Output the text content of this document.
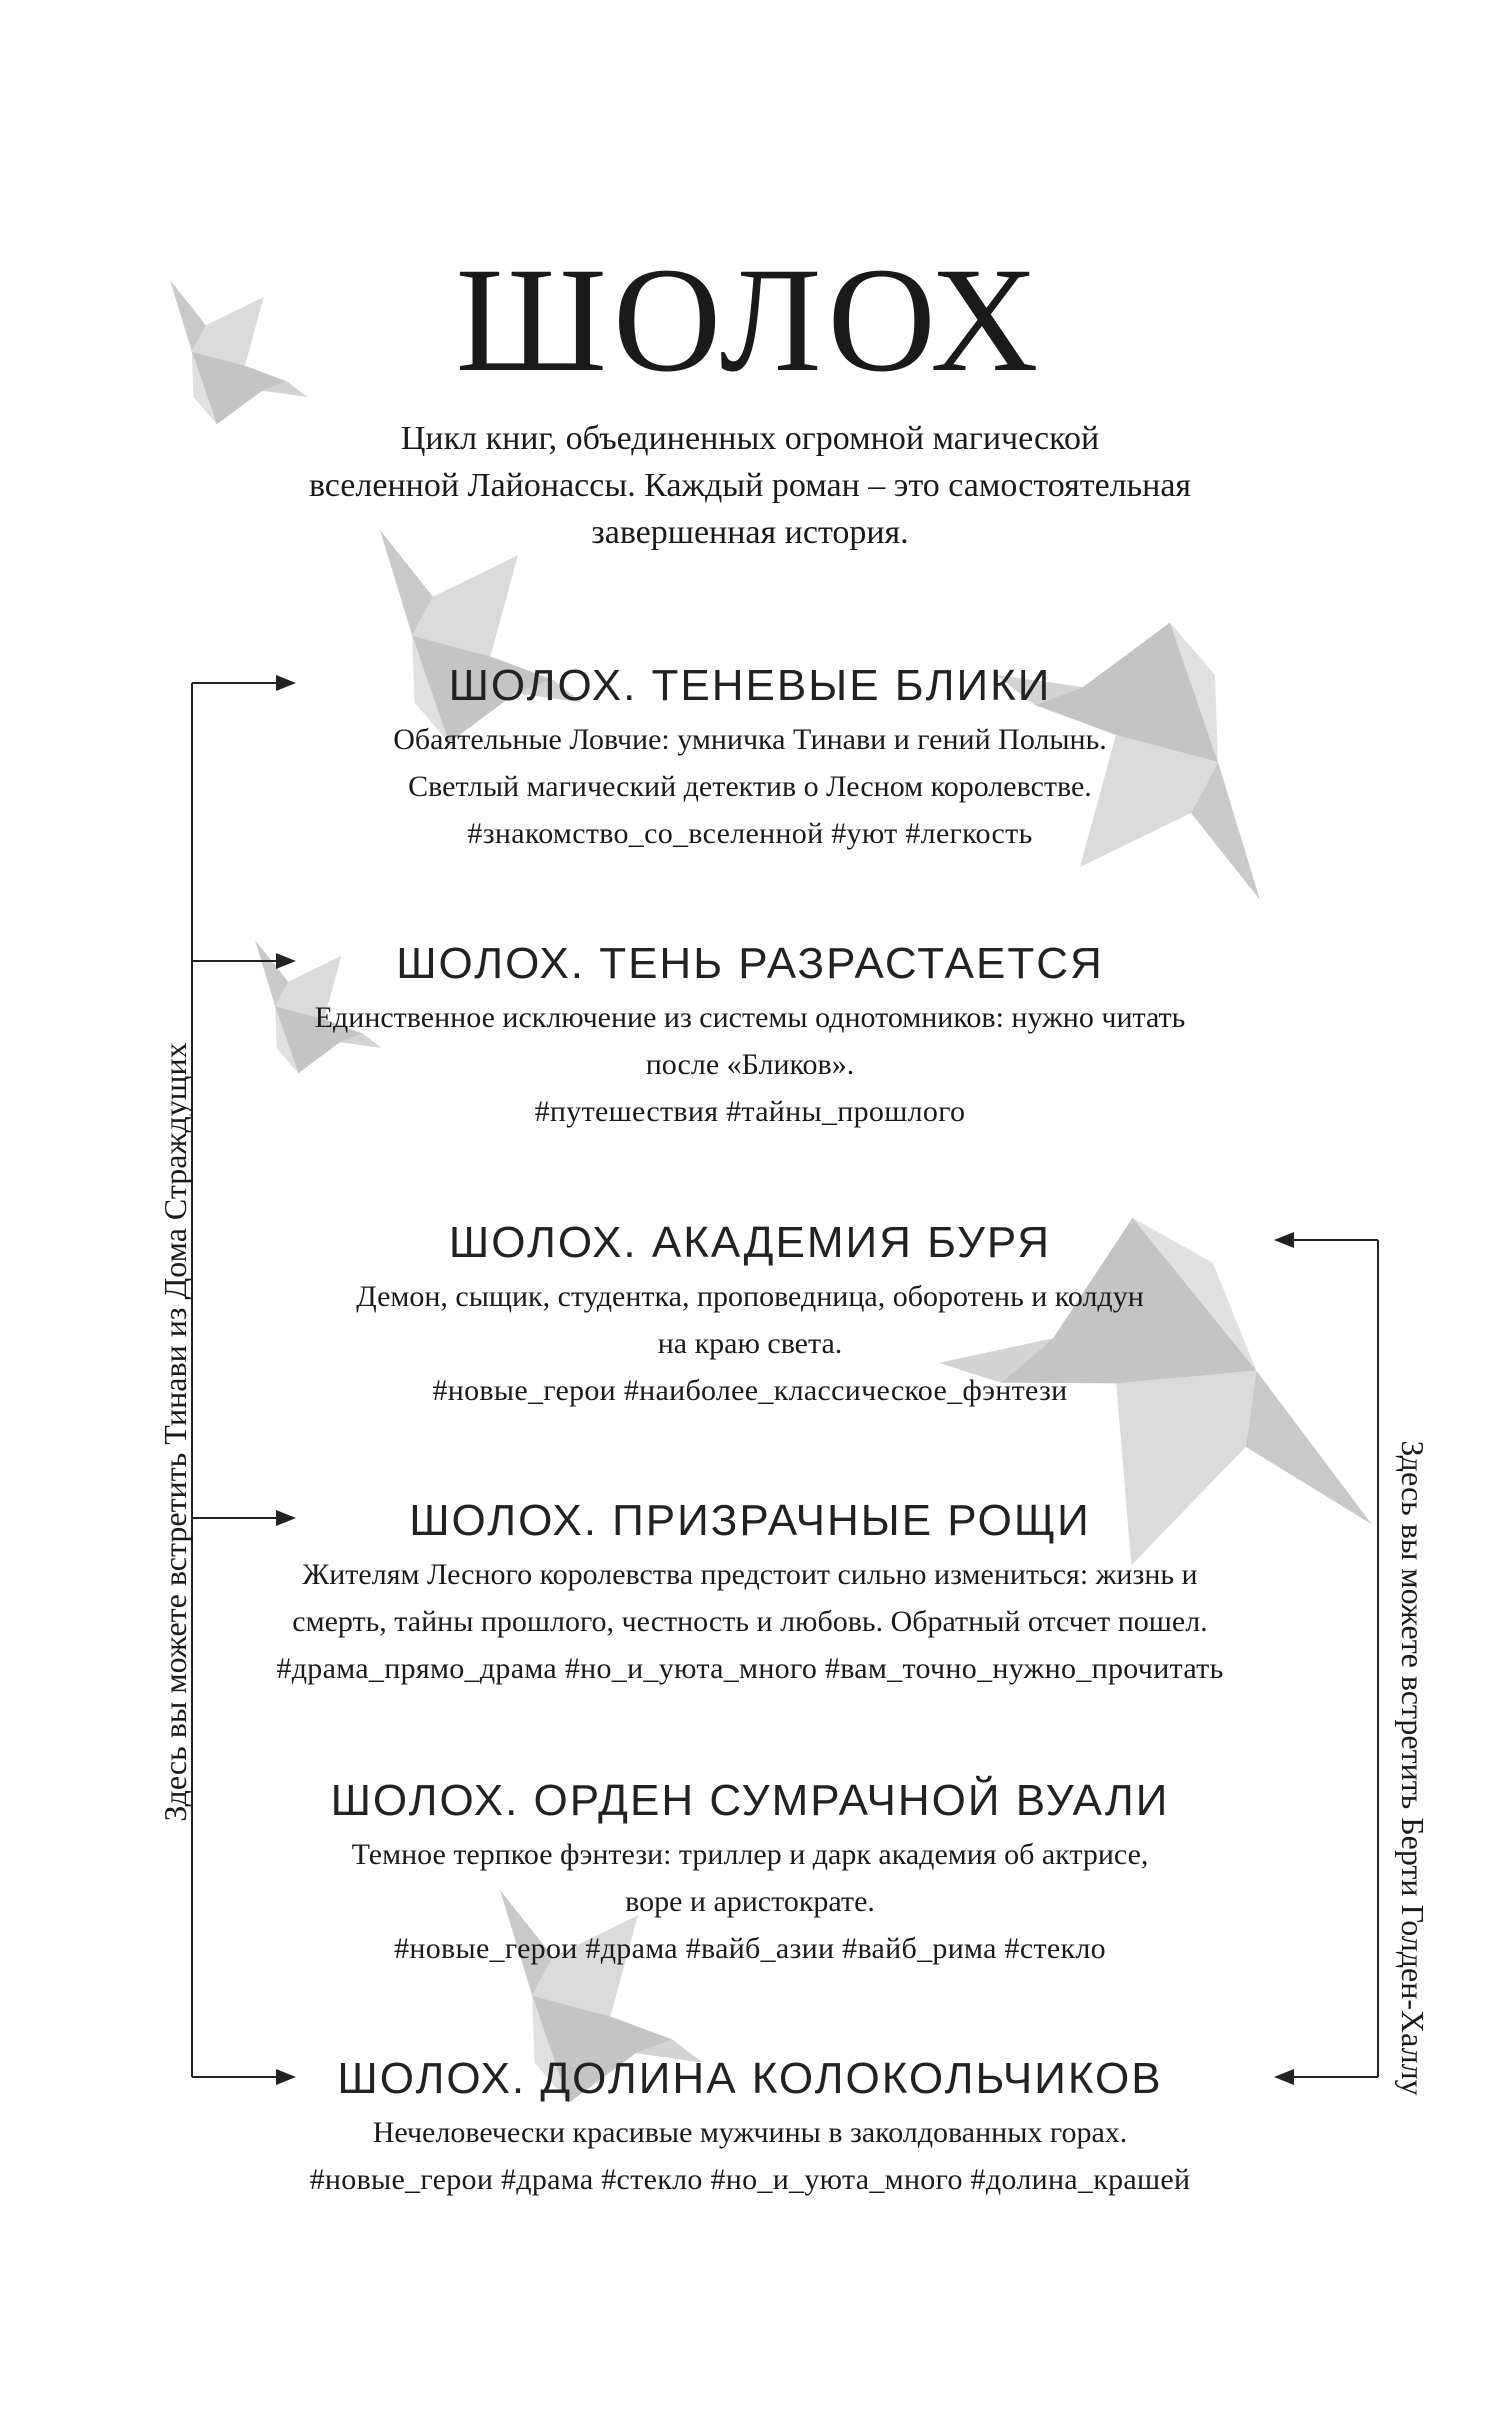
ШОЛОХ
Цикл книг, объединенных огромной магической
вселенной Лайонассы. Каждый роман – это самостоятельная
завершенная история.
ШОЛОХ. ТЕНЕВЫЕ БЛИКИ

Обаятельные Ловчие: умничка Тинави и гений Полынь.

Светлый магический детектив о Лесном королевстве.

#знакомство_со_вселенной #уют #легкость

ШОЛОХ. ТЕНЬ РАЗРАСТАЕТСЯ

Единственное исключение из системы однотомников: нужно читать

после «Бликов».

#путешествия #тайны_прошлого

ШОЛОХ. АКАДЕМИЯ БУРЯ

Демон, сыщик, студентка, проповедница, оборотень и колдун

на краю света.

#новые_герои #наиболее_классическое_фэнтези

ШОЛОХ. ПРИЗРАЧНЫЕ РОЩИ

Жителям Лесного королевства предстоит сильно измениться: жизнь и

смерть, тайны прошлого, честность и любовь. Обратный отсчет пошел.

#драма_прямо_драма #но_и_уюта_много #вам_точно_нужно_прочитать

ШОЛОХ. ОРДЕН СУМРАЧНОЙ ВУАЛИ

Темное терпкое фэнтези: триллер и дарк академия об актрисе,

воре и аристократе.

#новые_герои #драма #вайб_азии #вайб_рима #стекло

ШОЛОХ. ДОЛИНА КОЛОКОЛЬЧИКОВ

Нечеловечески красивые мужчины в заколдованных горах.

#новые_герои #драма #стекло #но_и_уюта_много #долина_крашей

Здесь вы можете встретить Тинави из Дома Страждущих	Здесь вы можете встретить Берти Голден-Халлу
